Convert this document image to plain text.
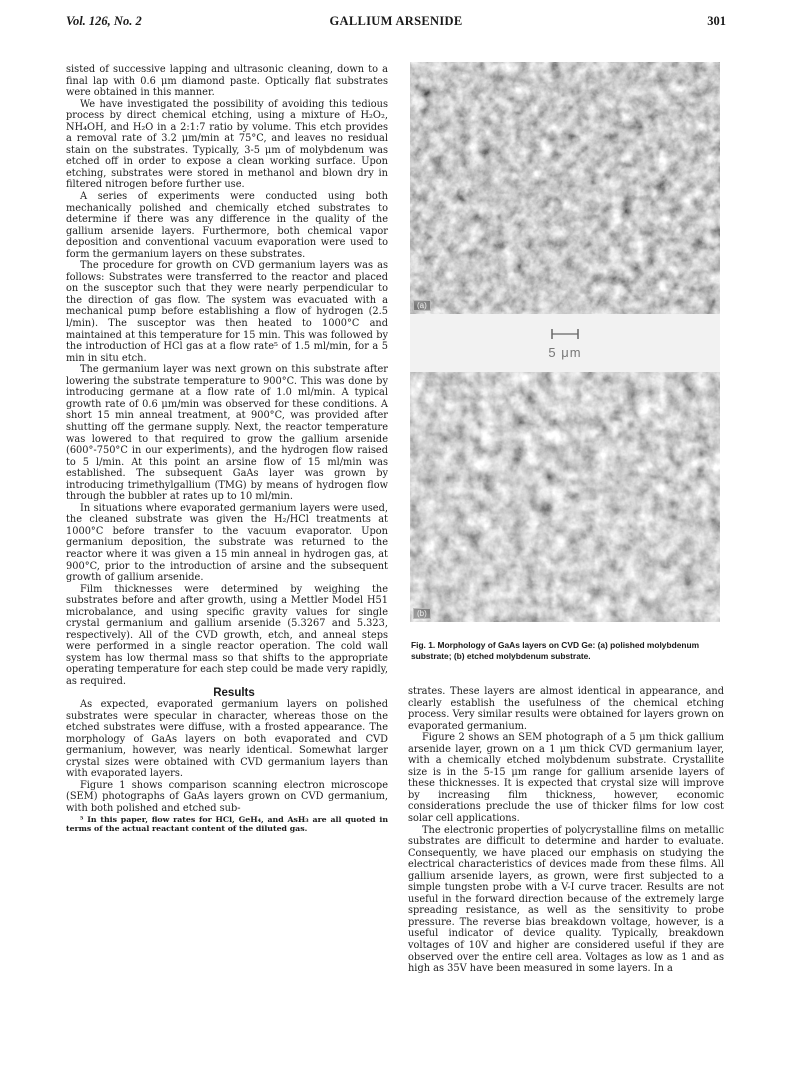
Vol. 126, No. 2	GALLIUM ARSENIDE	301

sisted of successive lapping and ultrasonic cleaning, down to a final lap with 0.6 μm diamond paste. Optically flat substrates were obtained in this manner.

We have investigated the possibility of avoiding this tedious process by direct chemical etching, using a mixture of H₂O₂, NH₄OH, and H₂O in a 2:1:7 ratio by volume. This etch provides a removal rate of 3.2 μm/min at 75°C, and leaves no residual stain on the substrates. Typically, 3-5 μm of molybdenum was etched off in order to expose a clean working surface. Upon etching, substrates were stored in methanol and blown dry in filtered nitrogen before further use.

A series of experiments were conducted using both mechanically polished and chemically etched substrates to determine if there was any difference in the quality of the gallium arsenide layers. Furthermore, both chemical vapor deposition and conventional vacuum evaporation were used to form the germanium layers on these substrates.

The procedure for growth on CVD germanium layers was as follows: Substrates were transferred to the reactor and placed on the susceptor such that they were nearly perpendicular to the direction of gas flow. The system was evacuated with a mechanical pump before establishing a flow of hydrogen (2.5 l/min). The susceptor was then heated to 1000°C and maintained at this temperature for 15 min. This was followed by the introduction of HCl gas at a flow rate⁵ of 1.5 ml/min, for a 5 min in situ etch.

The germanium layer was next grown on this substrate after lowering the substrate temperature to 900°C. This was done by introducing germane at a flow rate of 1.0 ml/min. A typical growth rate of 0.6 μm/min was observed for these conditions. A short 15 min anneal treatment, at 900°C, was provided after shutting off the germane supply. Next, the reactor temperature was lowered to that required to grow the gallium arsenide (600°-750°C in our experiments), and the hydrogen flow raised to 5 l/min. At this point an arsine flow of 15 ml/min was established. The subsequent GaAs layer was grown by introducing trimethylgallium (TMG) by means of hydrogen flow through the bubbler at rates up to 10 ml/min.

In situations where evaporated germanium layers were used, the cleaned substrate was given the H₂/HCl treatments at 1000°C before transfer to the vacuum evaporator. Upon germanium deposition, the substrate was returned to the reactor where it was given a 15 min anneal in hydrogen gas, at 900°C, prior to the introduction of arsine and the subsequent growth of gallium arsenide.

Film thicknesses were determined by weighing the substrates before and after growth, using a Mettler Model H51 microbalance, and using specific gravity values for single crystal germanium and gallium arsenide (5.3267 and 5.323, respectively). All of the CVD growth, etch, and anneal steps were performed in a single reactor operation. The cold wall system has low thermal mass so that shifts to the appropriate operating temperature for each step could be made very rapidly, as required.

Results

As expected, evaporated germanium layers on polished substrates were specular in character, whereas those on the etched substrates were diffuse, with a frosted appearance. The morphology of GaAs layers on both evaporated and CVD germanium, however, was nearly identical. Somewhat larger crystal sizes were obtained with CVD germanium layers than with evaporated layers.

Figure 1 shows comparison scanning electron microscope (SEM) photographs of GaAs layers grown on CVD germanium, with both polished and etched sub-

⁵ In this paper, flow rates for HCl, GeH₄, and AsH₃ are all quoted in terms of the actual reactant content of the diluted gas.

(a)
5 μm
(b)
Fig. 1. Morphology of GaAs layers on CVD Ge: (a) polished molybdenum substrate; (b) etched molybdenum substrate.

strates. These layers are almost identical in appearance, and clearly establish the usefulness of the chemical etching process. Very similar results were obtained for layers grown on evaporated germanium.

Figure 2 shows an SEM photograph of a 5 μm thick gallium arsenide layer, grown on a 1 μm thick CVD germanium layer, with a chemically etched molybdenum substrate. Crystallite size is in the 5-15 μm range for gallium arsenide layers of these thicknesses. It is expected that crystal size will improve by increasing film thickness, however, economic considerations preclude the use of thicker films for low cost solar cell applications.

The electronic properties of polycrystalline films on metallic substrates are difficult to determine and harder to evaluate. Consequently, we have placed our emphasis on studying the electrical characteristics of devices made from these films. All gallium arsenide layers, as grown, were first subjected to a simple tungsten probe with a V-I curve tracer. Results are not useful in the forward direction because of the extremely large spreading resistance, as well as the sensitivity to probe pressure. The reverse bias breakdown voltage, however, is a useful indicator of device quality. Typically, breakdown voltages of 10V and higher are considered useful if they are observed over the entire cell area. Voltages as low as 1 and as high as 35V have been measured in some layers. In a
